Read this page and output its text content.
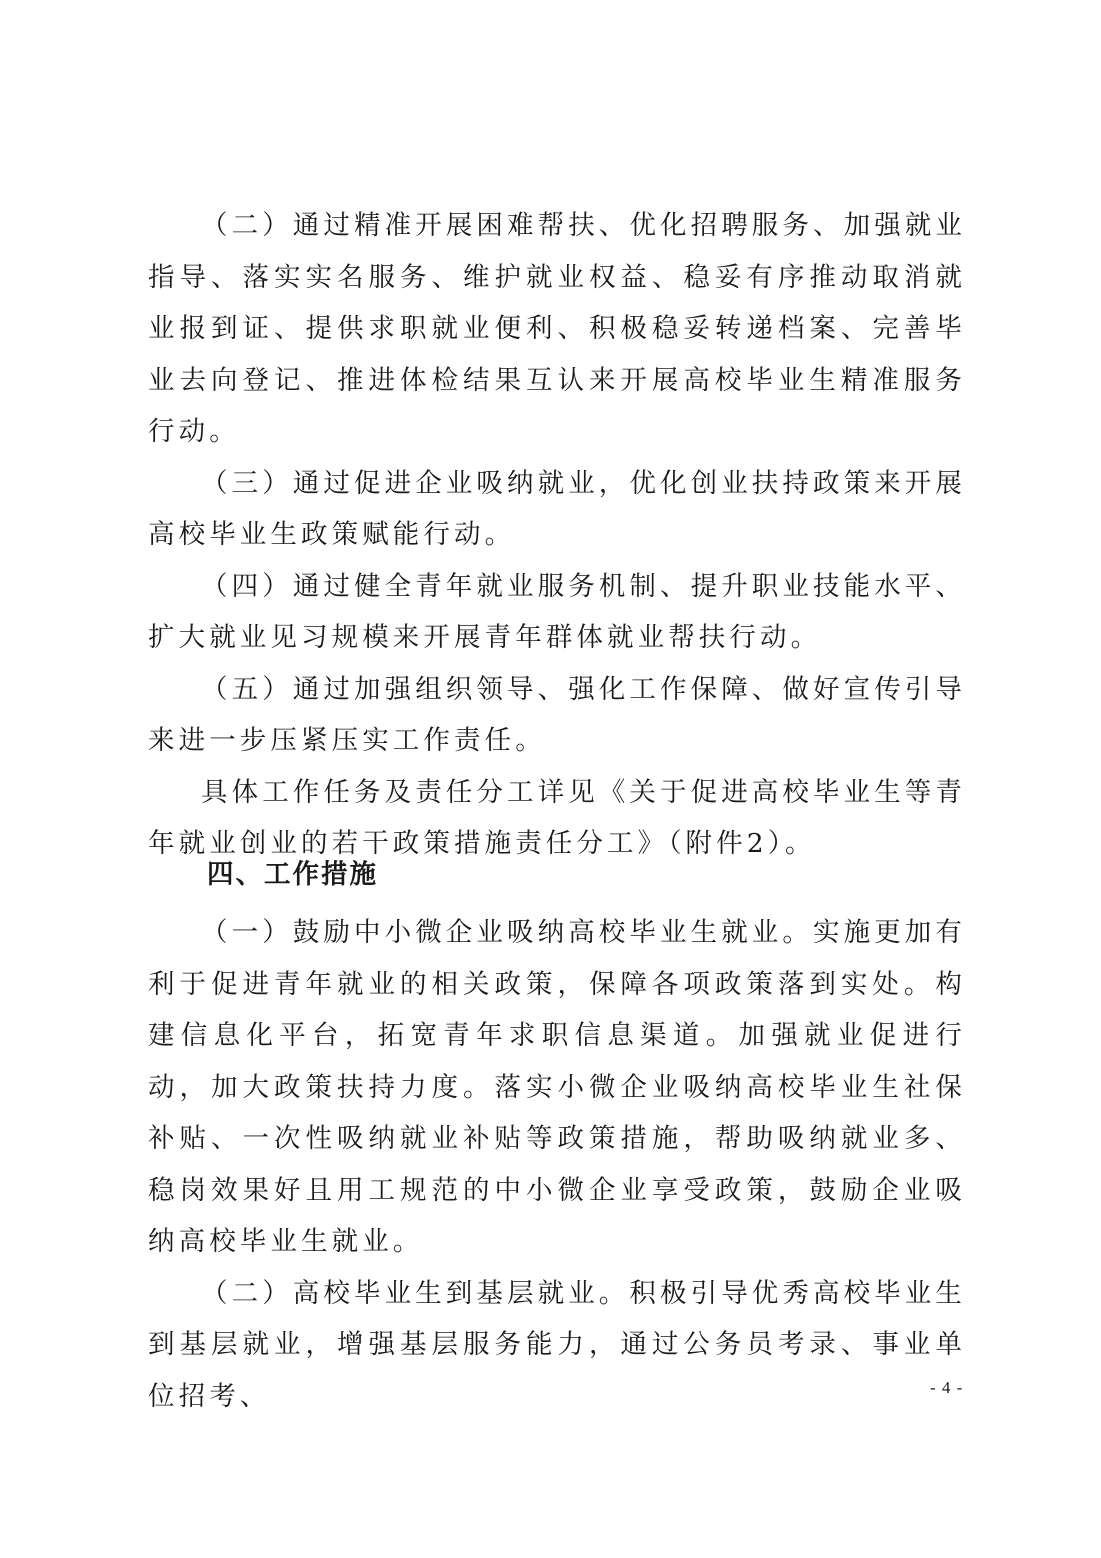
（二）通过精准开展困难帮扶、优化招聘服务、加强就业指导、落实实名服务、维护就业权益、稳妥有序推动取消就业报到证、提供求职就业便利、积极稳妥转递档案、完善毕业去向登记、推进体检结果互认来开展高校毕业生精准服务行动。

（三）通过促进企业吸纳就业，优化创业扶持政策来开展高校毕业生政策赋能行动。

（四）通过健全青年就业服务机制、提升职业技能水平、扩大就业见习规模来开展青年群体就业帮扶行动。

（五）通过加强组织领导、强化工作保障、做好宣传引导来进一步压紧压实工作责任。

具体工作任务及责任分工详见《关于促进高校毕业生等青年就业创业的若干政策措施责任分工》（附件2）。

四、工作措施

（一）鼓励中小微企业吸纳高校毕业生就业。实施更加有利于促进青年就业的相关政策，保障各项政策落到实处。构建信息化平台，拓宽青年求职信息渠道。加强就业促进行动，加大政策扶持力度。落实小微企业吸纳高校毕业生社保补贴、一次性吸纳就业补贴等政策措施，帮助吸纳就业多、稳岗效果好且用工规范的中小微企业享受政策，鼓励企业吸纳高校毕业生就业。

（二）高校毕业生到基层就业。积极引导优秀高校毕业生到基层就业，增强基层服务能力，通过公务员考录、事业单位招考、	- 4 -
